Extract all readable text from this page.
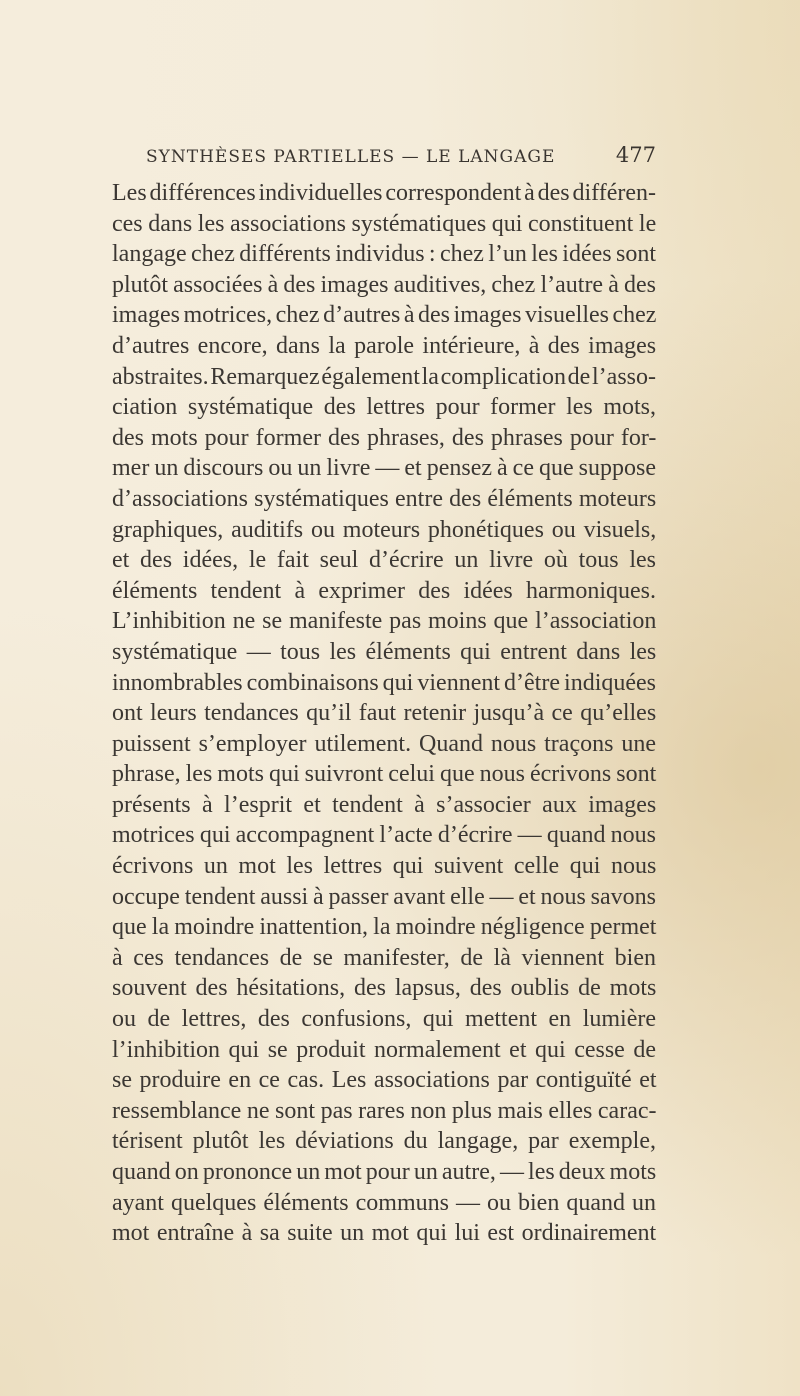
SYNTHÈSES PARTIELLES — LE LANGAGE	477
Les différences individuelles correspondent à des différen-
ces dans les associations systématiques qui constituent le
langage chez différents individus : chez l’un les idées sont
plutôt associées à des images auditives, chez l’autre à des
images motrices, chez d’autres à des images visuelles chez
d’autres encore, dans la parole intérieure, à des images
abstraites. Remarquez également la complication de l’asso-
ciation systématique des lettres pour former les mots,
des mots pour former des phrases, des phrases pour for-
mer un discours ou un livre — et pensez à ce que suppose
d’associations systématiques entre des éléments moteurs
graphiques, auditifs ou moteurs phonétiques ou visuels,
et des idées, le fait seul d’écrire un livre où tous les
éléments tendent à exprimer des idées harmoniques.
L’inhibition ne se manifeste pas moins que l’association
systématique — tous les éléments qui entrent dans les
innombrables combinaisons qui viennent d’être indiquées
ont leurs tendances qu’il faut retenir jusqu’à ce qu’elles
puissent s’employer utilement. Quand nous traçons une
phrase, les mots qui suivront celui que nous écrivons sont
présents à l’esprit et tendent à s’associer aux images
motrices qui accompagnent l’acte d’écrire — quand nous
écrivons un mot les lettres qui suivent celle qui nous
occupe tendent aussi à passer avant elle — et nous savons
que la moindre inattention, la moindre négligence permet
à ces tendances de se manifester, de là viennent bien
souvent des hésitations, des lapsus, des oublis de mots
ou de lettres, des confusions, qui mettent en lumière
l’inhibition qui se produit normalement et qui cesse de
se produire en ce cas. Les associations par contiguïté et
ressemblance ne sont pas rares non plus mais elles carac-
térisent plutôt les déviations du langage, par exemple,
quand on prononce un mot pour un autre, — les deux mots
ayant quelques éléments communs — ou bien quand un
mot entraîne à sa suite un mot qui lui est ordinairement
